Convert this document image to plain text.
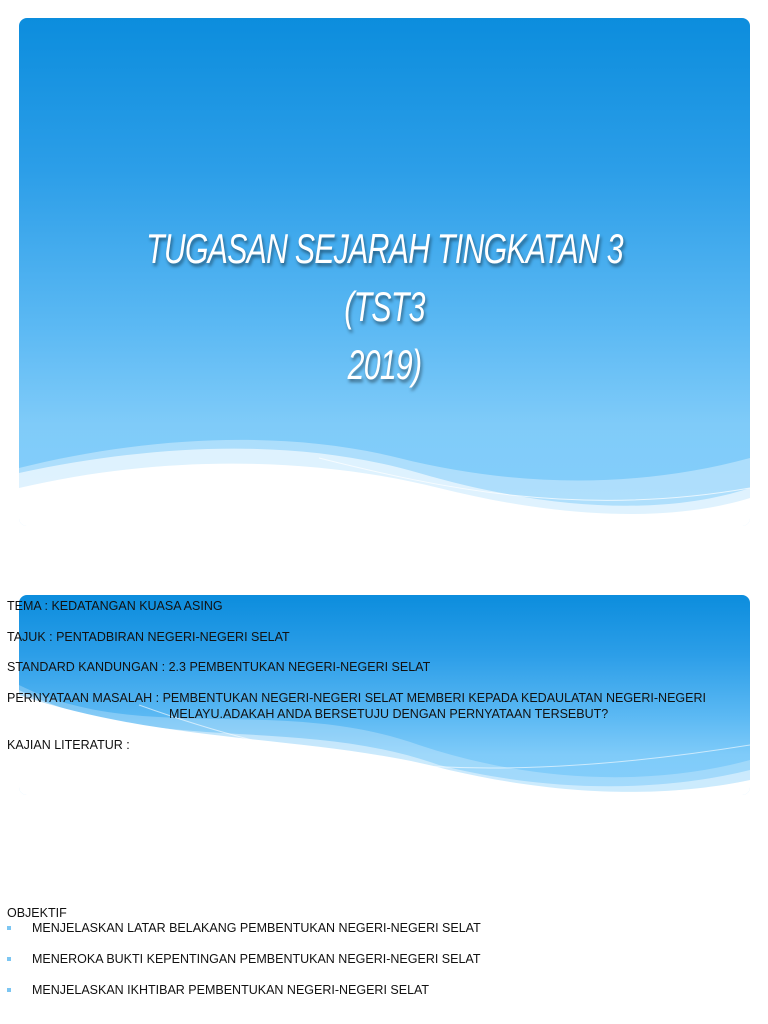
TUGASAN SEJARAH TINGKATAN 3 (TST3
2019)
TEMA : KEDATANGAN KUASA ASING
TAJUK : PENTADBIRAN NEGERI-NEGERI SELAT
STANDARD KANDUNGAN : 2.3 PEMBENTUKAN NEGERI-NEGERI SELAT
PERNYATAAN MASALAH : PEMBENTUKAN NEGERI-NEGERI SELAT MEMBERI KEPADA KEDAULATAN NEGERI-NEGERI
MELAYU.ADAKAH ANDA BERSETUJU DENGAN PERNYATAAN TERSEBUT?
KAJIAN LITERATUR :
OBJEKTIF
MENJELASKAN LATAR BELAKANG PEMBENTUKAN NEGERI-NEGERI SELAT
MENEROKA BUKTI KEPENTINGAN PEMBENTUKAN NEGERI-NEGERI SELAT
MENJELASKAN IKHTIBAR PEMBENTUKAN NEGERI-NEGERI SELAT
